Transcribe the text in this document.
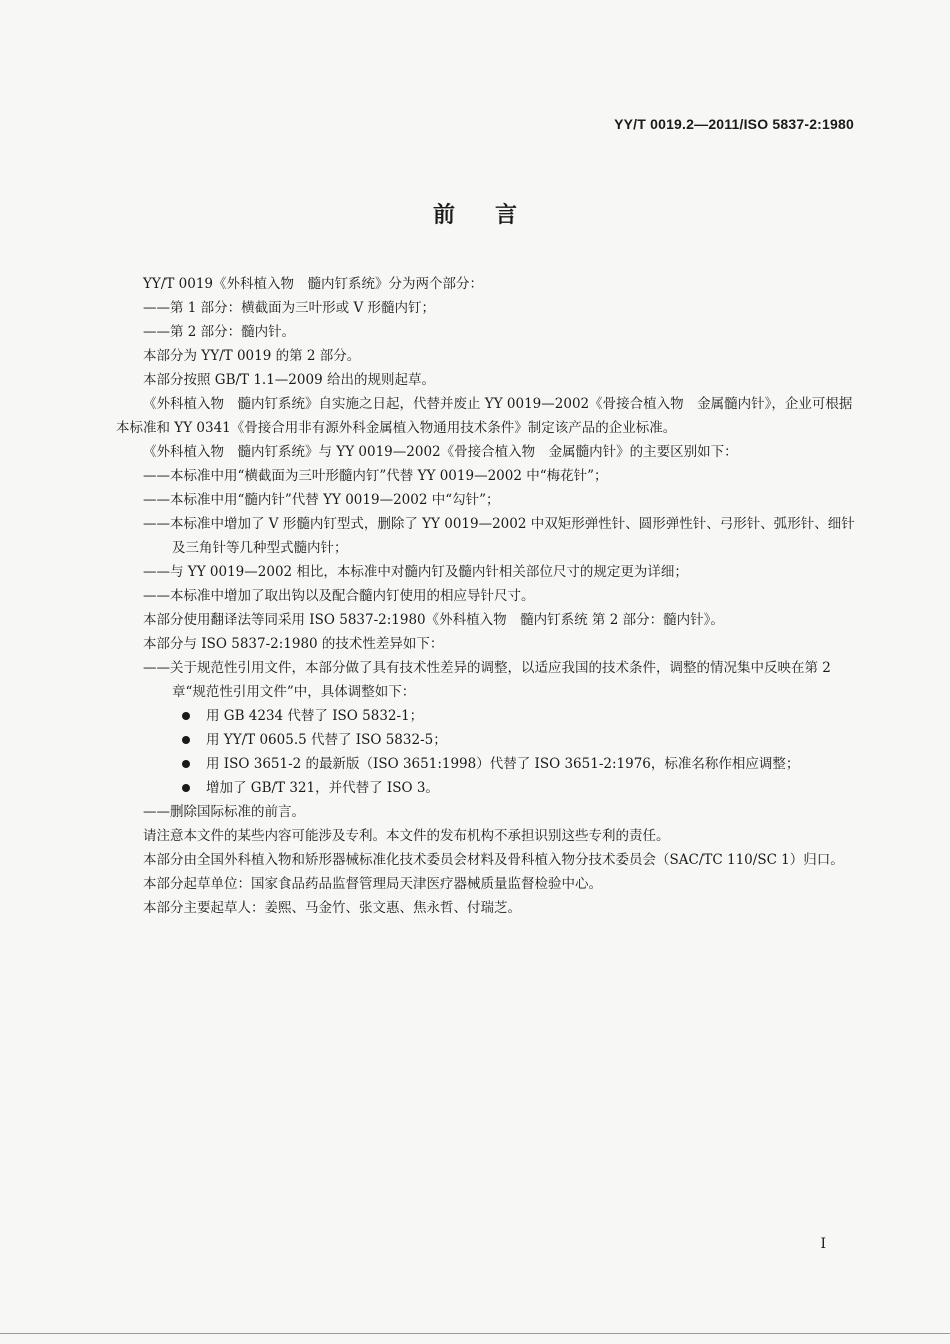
YY/T 0019.2—2011/ISO 5837-2:1980
前言
YY/T 0019《外科植入物　髓内钉系统》分为两个部分：
——第 1 部分：横截面为三叶形或 V 形髓内钉；
——第 2 部分：髓内针。
本部分为 YY/T 0019 的第 2 部分。
本部分按照 GB/T 1.1—2009 给出的规则起草。
《外科植入物　髓内钉系统》自实施之日起，代替并废止 YY 0019—2002《骨接合植入物　金属髓内针》，企业可根据本标准和 YY 0341《骨接合用非有源外科金属植入物通用技术条件》制定该产品的企业标准。
《外科植入物　髓内钉系统》与 YY 0019—2002《骨接合植入物　金属髓内针》的主要区别如下：
——本标准中用“横截面为三叶形髓内钉”代替 YY 0019—2002 中“梅花针”；
——本标准中用“髓内针”代替 YY 0019—2002 中“勾针”；
——本标准中增加了 V 形髓内钉型式，删除了 YY 0019—2002 中双矩形弹性针、圆形弹性针、弓形针、弧形针、细针及三角针等几种型式髓内针；
——与 YY 0019—2002 相比，本标准中对髓内钉及髓内针相关部位尺寸的规定更为详细；
——本标准中增加了取出钩以及配合髓内钉使用的相应导针尺寸。
本部分使用翻译法等同采用 ISO 5837-2:1980《外科植入物　髓内钉系统 第 2 部分：髓内针》。
本部分与 ISO 5837-2:1980 的技术性差异如下：
——关于规范性引用文件，本部分做了具有技术性差异的调整，以适应我国的技术条件，调整的情况集中反映在第 2 章“规范性引用文件”中，具体调整如下：
用 GB 4234 代替了 ISO 5832-1；
用 YY/T 0605.5 代替了 ISO 5832-5；
用 ISO 3651-2 的最新版（ISO 3651:1998）代替了 ISO 3651-2:1976，标准名称作相应调整；
增加了 GB/T 321，并代替了 ISO 3。
——删除国际标准的前言。
请注意本文件的某些内容可能涉及专利。本文件的发布机构不承担识别这些专利的责任。
本部分由全国外科植入物和矫形器械标准化技术委员会材料及骨科植入物分技术委员会（SAC/TC 110/SC 1）归口。
本部分起草单位：国家食品药品监督管理局天津医疗器械质量监督检验中心。
本部分主要起草人：姜熙、马金竹、张文惠、焦永哲、付瑞芝。
I
